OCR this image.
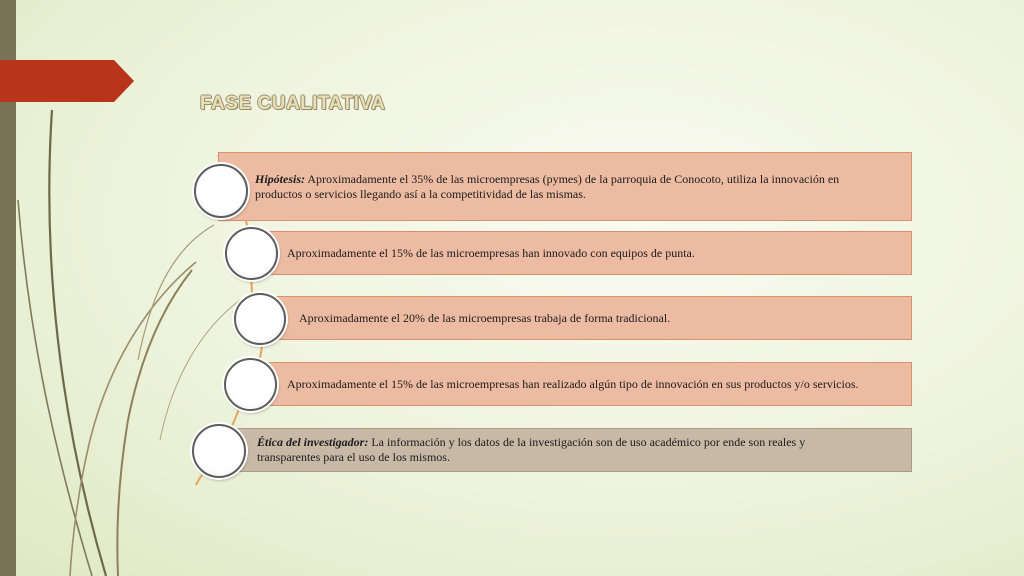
FASE CUALITATIVA
Hipótesis: Aproximadamente el 35% de las microempresas (pymes) de la parroquia de Conocoto, utiliza la innovación en productos o servicios llegando así a la competitividad de las mismas.
Aproximadamente el 15% de las microempresas han innovado con equipos de punta.
Aproximadamente el 20% de las microempresas trabaja de forma tradicional.
Aproximadamente el 15% de las microempresas han realizado algún tipo de innovación en sus productos y/o servicios.
Ética del investigador: La información y los datos de la investigación son de uso académico por ende son reales y transparentes para el uso de los mismos.
